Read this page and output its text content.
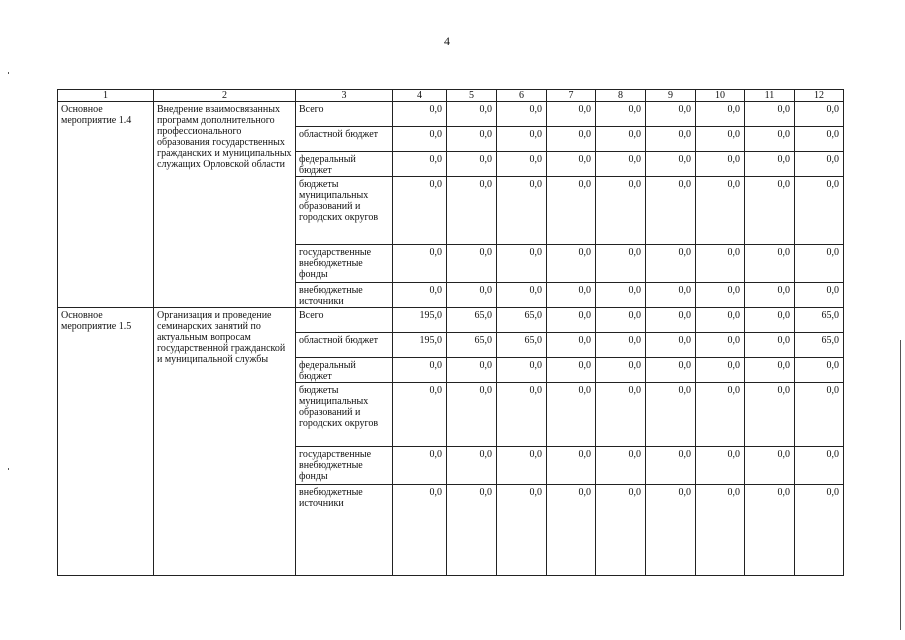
4
1	2	3	4	5	6	7	8	9	10	11	12
Основное мероприятие 1.4	Внедрение взаимосвязанных программ дополнительного профессионального образования государственных гражданских и муниципальных служащих Орловской области	Всего	0,0	0,0	0,0	0,0	0,0	0,0	0,0	0,0	0,0
		областной бюджет	0,0	0,0	0,0	0,0	0,0	0,0	0,0	0,0	0,0
		федеральный бюджет	0,0	0,0	0,0	0,0	0,0	0,0	0,0	0,0	0,0
		бюджеты муниципальных образований и городских округов	0,0	0,0	0,0	0,0	0,0	0,0	0,0	0,0	0,0
		государственные внебюджетные фонды	0,0	0,0	0,0	0,0	0,0	0,0	0,0	0,0	0,0
		внебюджетные источники	0,0	0,0	0,0	0,0	0,0	0,0	0,0	0,0	0,0
Основное мероприятие 1.5	Организация и проведение семинарских занятий по актуальным вопросам государственной гражданской и муниципальной службы	Всего	195,0	65,0	65,0	0,0	0,0	0,0	0,0	0,0	65,0
		областной бюджет	195,0	65,0	65,0	0,0	0,0	0,0	0,0	0,0	65,0
		федеральный бюджет	0,0	0,0	0,0	0,0	0,0	0,0	0,0	0,0	0,0
		бюджеты муниципальных образований и городских округов	0,0	0,0	0,0	0,0	0,0	0,0	0,0	0,0	0,0
		государственные внебюджетные фонды	0,0	0,0	0,0	0,0	0,0	0,0	0,0	0,0	0,0
		внебюджетные источники	0,0	0,0	0,0	0,0	0,0	0,0	0,0	0,0	0,0
